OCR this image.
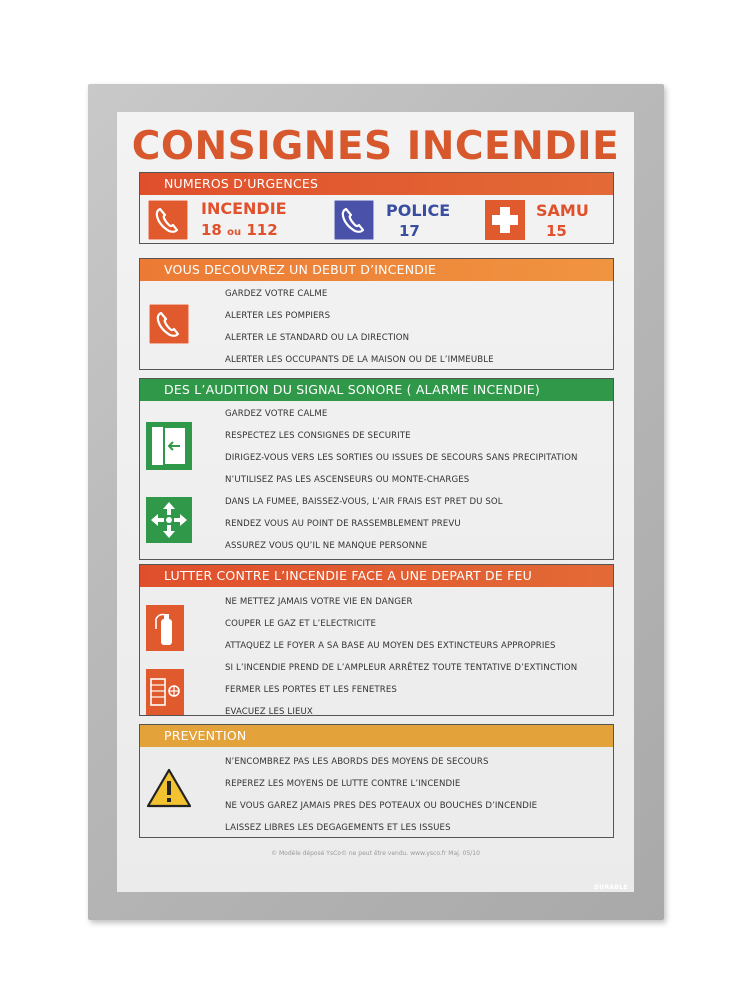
CONSIGNES INCENDIE
NUMEROS D’URGENCES
INCENDIE
18 ou 112
POLICE
17
SAMU
15
VOUS DECOUVREZ UN DEBUT D’INCENDIE
GARDEZ VOTRE CALME
ALERTER LES POMPIERS
ALERTER LE STANDARD OU LA DIRECTION
ALERTER LES OCCUPANTS DE LA MAISON OU DE L’IMMEUBLE
DES L’AUDITION DU SIGNAL SONORE ( ALARME INCENDIE)
GARDEZ VOTRE CALME
RESPECTEZ LES CONSIGNES DE SECURITE
DIRIGEZ-VOUS VERS LES SORTIES OU ISSUES DE SECOURS SANS PRECIPITATION
N’UTILISEZ PAS LES ASCENSEURS OU MONTE-CHARGES
DANS LA FUMEE, BAISSEZ-VOUS, L’AIR FRAIS EST PRET DU SOL
RENDEZ VOUS AU POINT DE RASSEMBLEMENT PREVU
ASSUREZ VOUS QU’IL NE MANQUE PERSONNE
LUTTER CONTRE L’INCENDIE FACE A UNE DEPART DE FEU
NE METTEZ JAMAIS VOTRE VIE EN DANGER
COUPER LE GAZ ET L’ELECTRICITE
ATTAQUEZ LE FOYER A SA BASE AU MOYEN DES EXTINCTEURS APPROPRIES
SI L’INCENDIE PREND DE L’AMPLEUR ARRÊTEZ TOUTE TENTATIVE D’EXTINCTION
FERMER LES PORTES ET LES FENETRES
EVACUEZ LES LIEUX
PREVENTION
N’ENCOMBREZ PAS LES ABORDS DES MOYENS DE SECOURS
REPEREZ LES MOYENS DE LUTTE CONTRE L’INCENDIE
NE VOUS GAREZ JAMAIS PRES DES POTEAUX OU BOUCHES D’INCENDIE
LAISSEZ LIBRES LES DEGAGEMENTS ET LES ISSUES
© Modèle déposé YsCo© ne peut être vendu. www.ysco.fr Maj. 05/10
DURABLE
